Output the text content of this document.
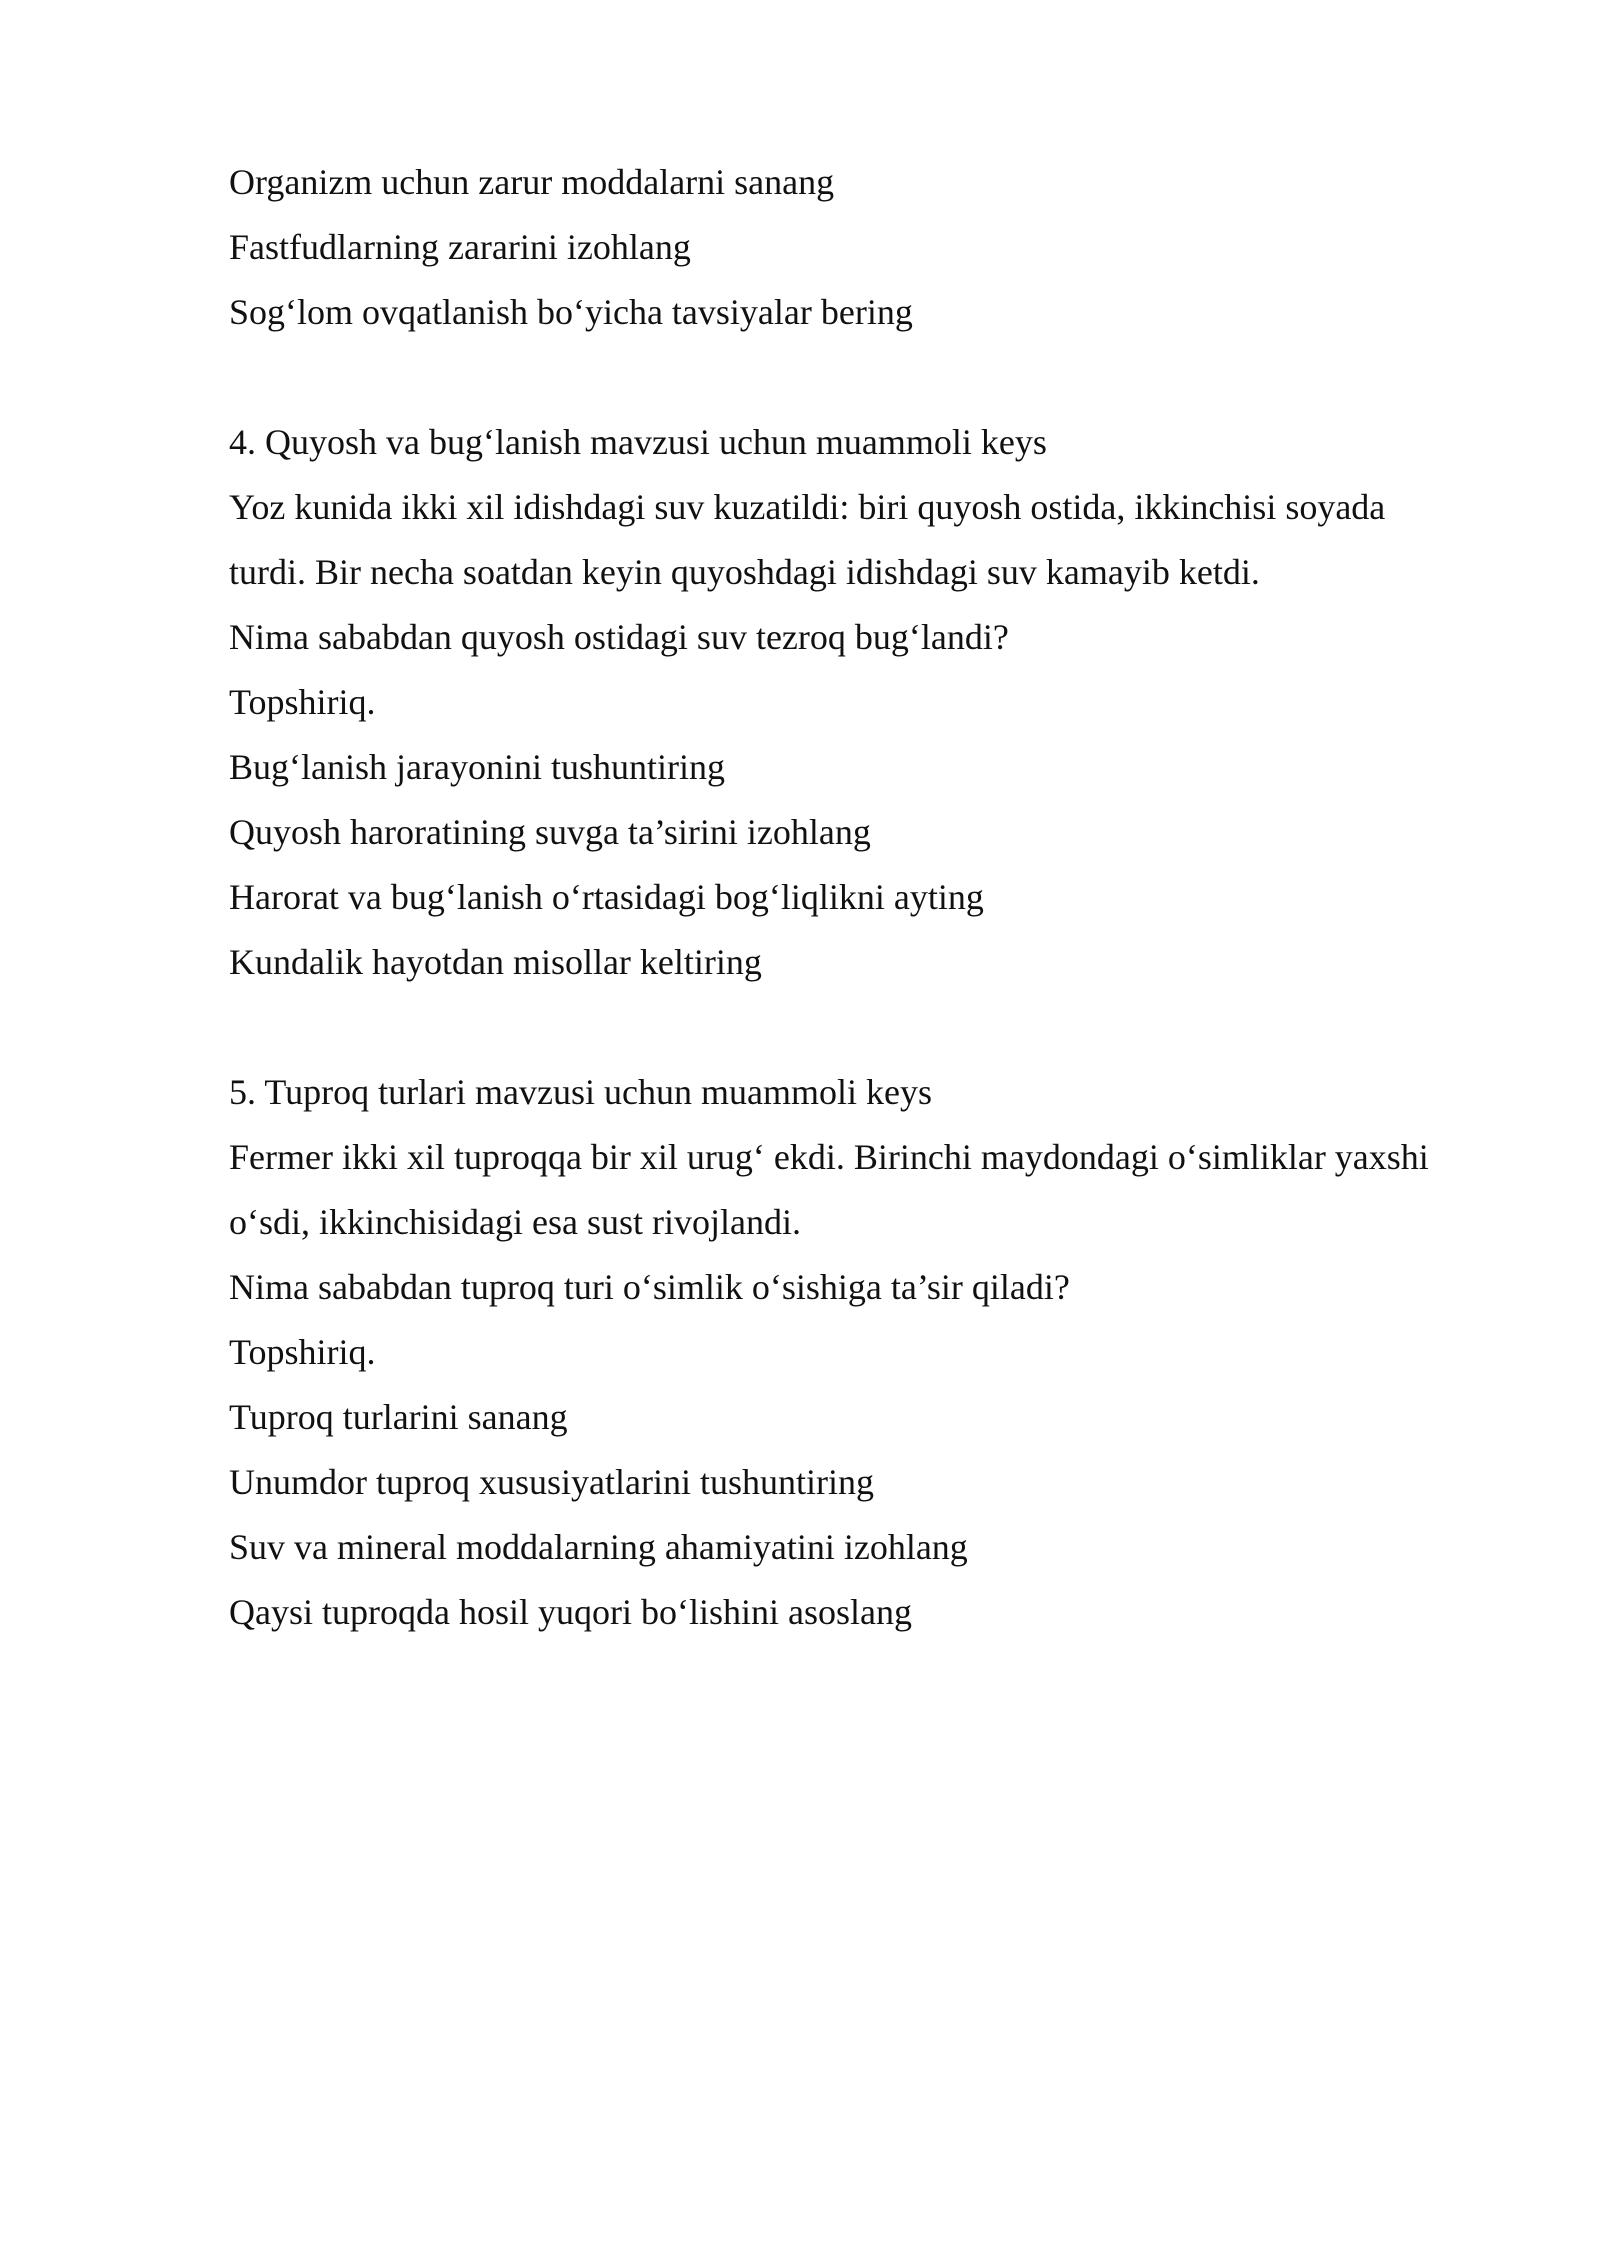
Organizm uchun zarur moddalarni sanang
Fastfudlarning zararini izohlang
Sog‘lom ovqatlanish bo‘yicha tavsiyalar bering
4. Quyosh va bug‘lanish mavzusi uchun muammoli keys
Yoz kunida ikki xil idishdagi suv kuzatildi: biri quyosh ostida, ikkinchisi soyada
turdi. Bir necha soatdan keyin quyoshdagi idishdagi suv kamayib ketdi.
Nima sababdan quyosh ostidagi suv tezroq bug‘landi?
Topshiriq.
Bug‘lanish jarayonini tushuntiring
Quyosh haroratining suvga ta’sirini izohlang
Harorat va bug‘lanish o‘rtasidagi bog‘liqlikni ayting
Kundalik hayotdan misollar keltiring
5. Tuproq turlari mavzusi uchun muammoli keys
Fermer ikki xil tuproqqa bir xil urug‘ ekdi. Birinchi maydondagi o‘simliklar yaxshi
o‘sdi, ikkinchisidagi esa sust rivojlandi.
Nima sababdan tuproq turi o‘simlik o‘sishiga ta’sir qiladi?
Topshiriq.
Tuproq turlarini sanang
Unumdor tuproq xususiyatlarini tushuntiring
Suv va mineral moddalarning ahamiyatini izohlang
Qaysi tuproqda hosil yuqori bo‘lishini asoslang
